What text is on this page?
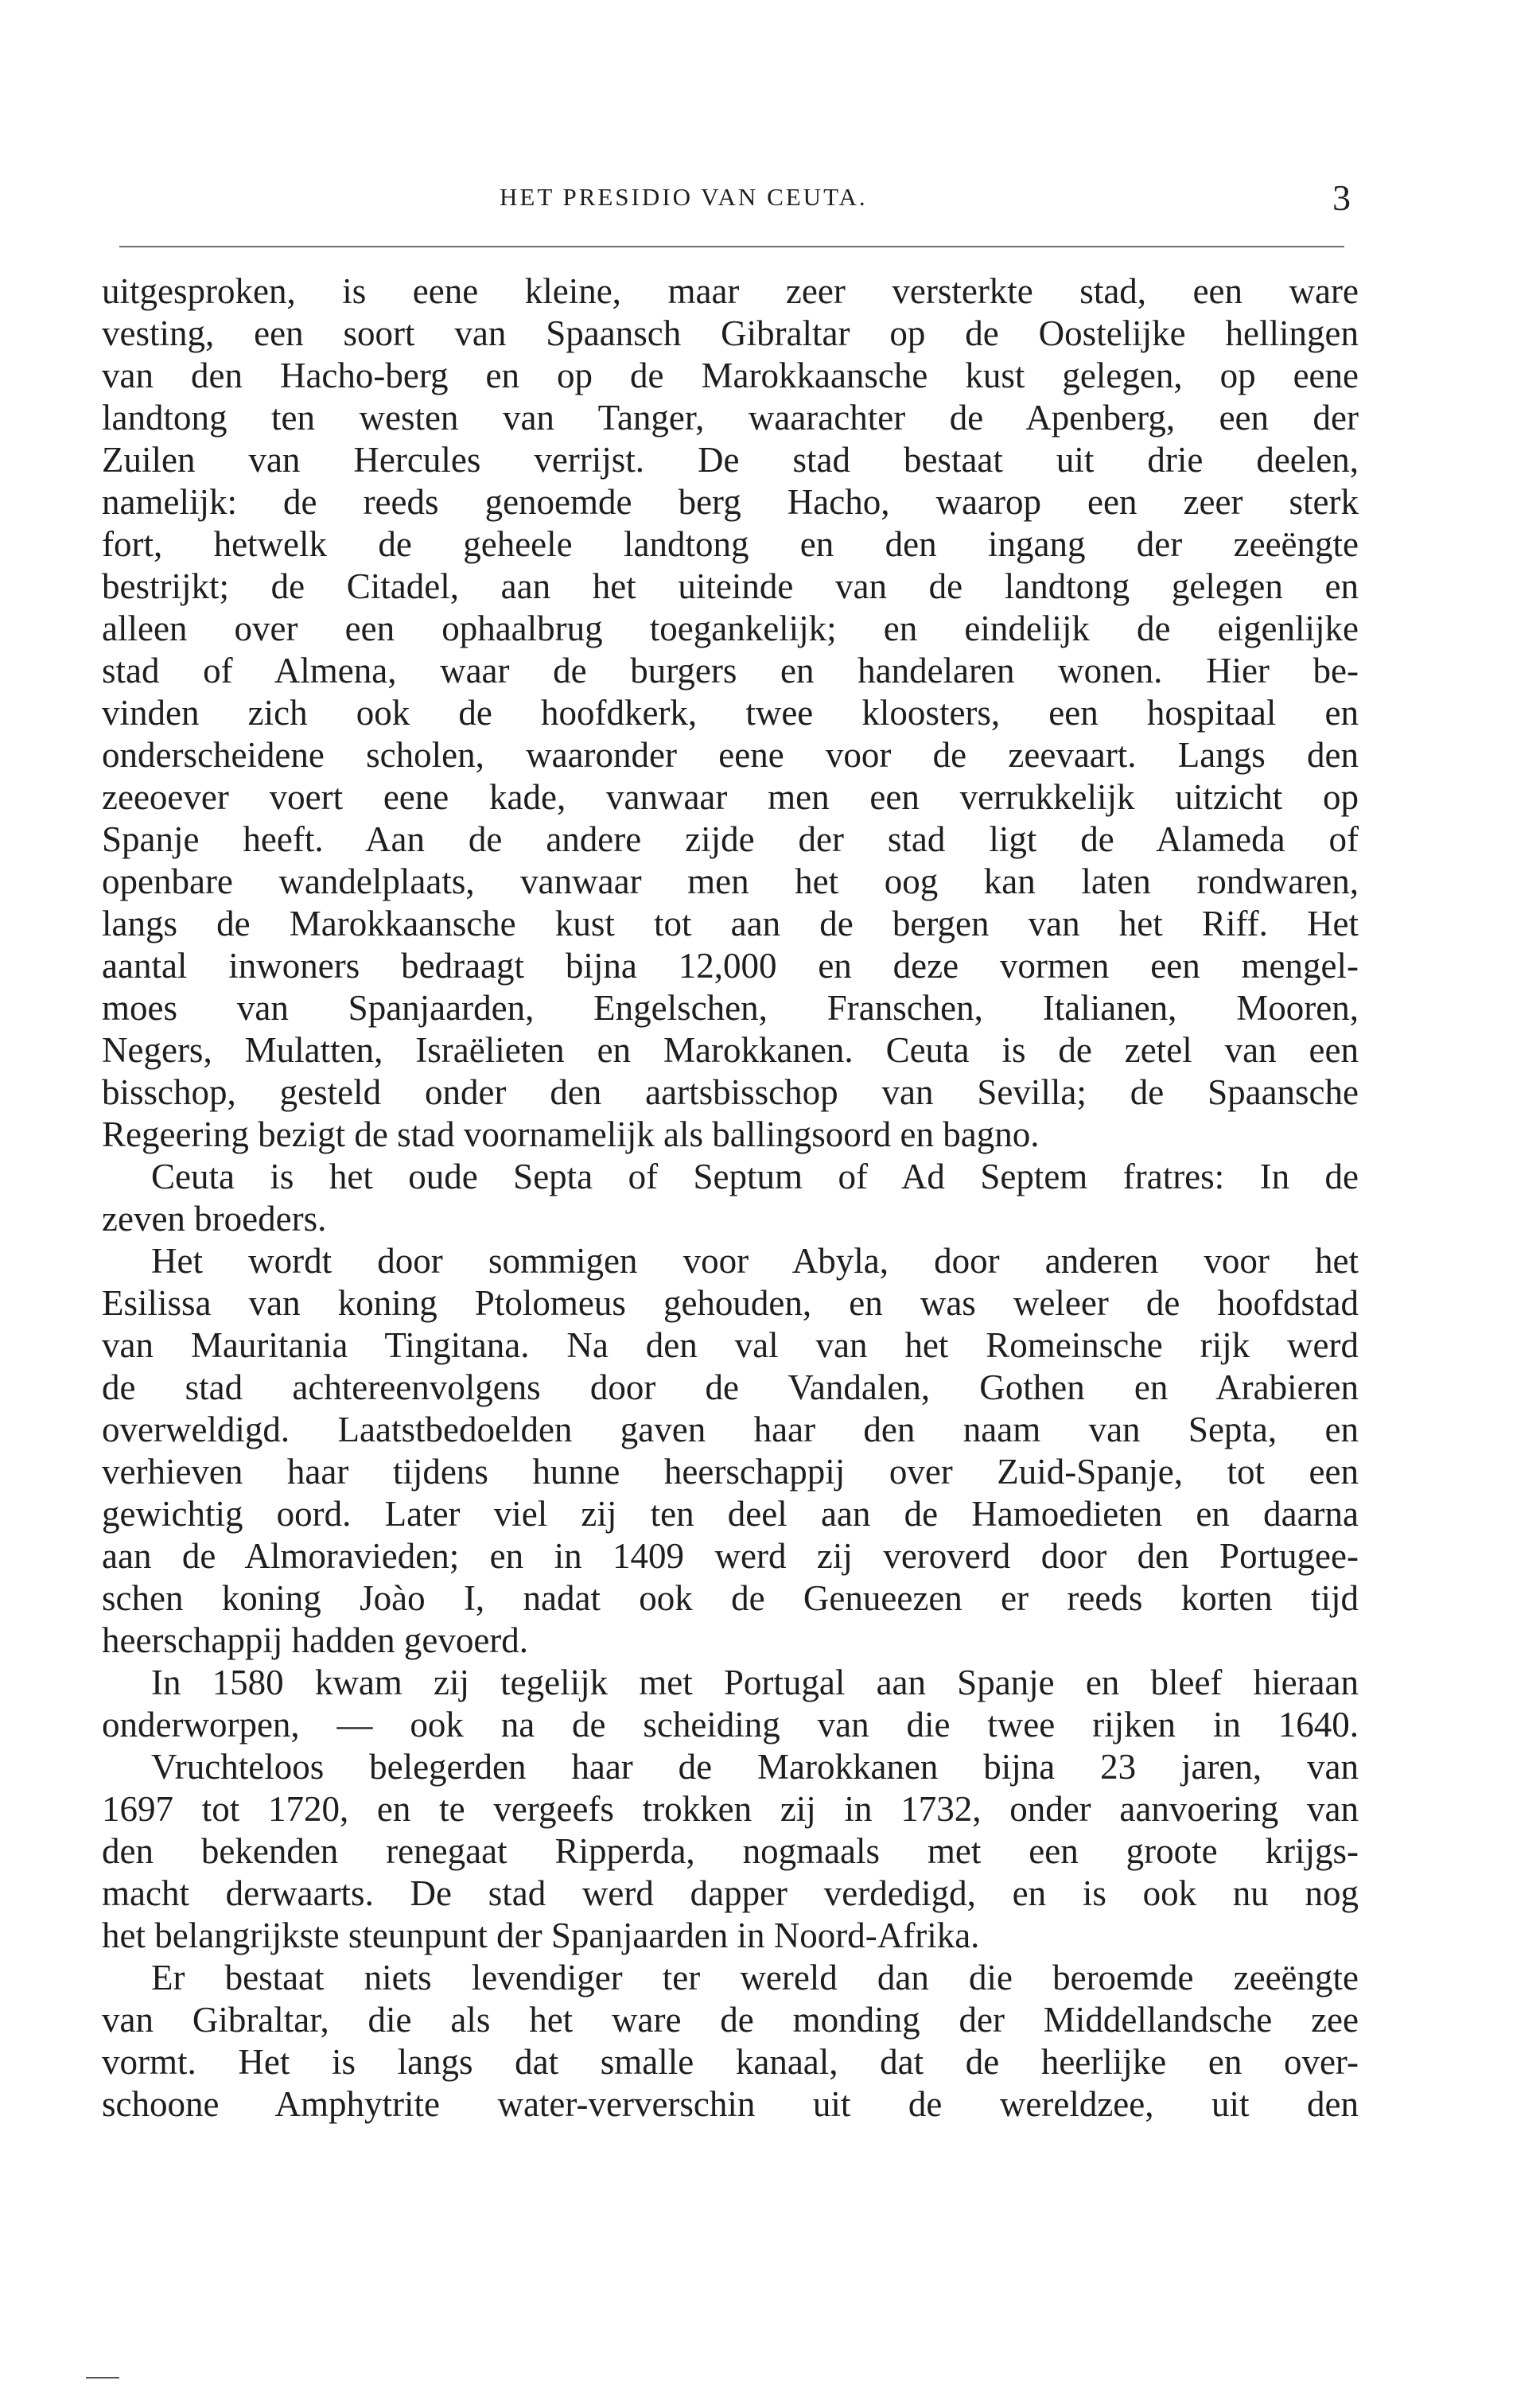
HET PRESIDIO VAN CEUTA.	3
uitgesproken, is eene kleine, maar zeer versterkte stad, een ware
vesting, een soort van Spaansch Gibraltar op de Oostelijke hellingen
van den Hacho-berg en op de Marokkaansche kust gelegen, op eene
landtong ten westen van Tanger, waarachter de Apenberg, een der
Zuilen van Hercules verrijst. De stad bestaat uit drie deelen,
namelijk: de reeds genoemde berg Hacho, waarop een zeer sterk
fort, hetwelk de geheele landtong en den ingang der zeeëngte
bestrijkt; de Citadel, aan het uiteinde van de landtong gelegen en
alleen over een ophaalbrug toegankelijk; en eindelijk de eigenlijke
stad of Almena, waar de burgers en handelaren wonen. Hier be-
vinden zich ook de hoofdkerk, twee kloosters, een hospitaal en
onderscheidene scholen, waaronder eene voor de zeevaart. Langs den
zeeoever voert eene kade, vanwaar men een verrukkelijk uitzicht op
Spanje heeft. Aan de andere zijde der stad ligt de Alameda of
openbare wandelplaats, vanwaar men het oog kan laten rondwaren,
langs de Marokkaansche kust tot aan de bergen van het Riff. Het
aantal inwoners bedraagt bijna 12,000 en deze vormen een mengel-
moes van Spanjaarden, Engelschen, Franschen, Italianen, Mooren,
Negers, Mulatten, Israëlieten en Marokkanen. Ceuta is de zetel van een
bisschop, gesteld onder den aartsbisschop van Sevilla; de Spaansche
Regeering bezigt de stad voornamelijk als ballingsoord en bagno.
Ceuta is het oude Septa of Septum of Ad Septem fratres: In de
zeven broeders.
Het wordt door sommigen voor Abyla, door anderen voor het
Esilissa van koning Ptolomeus gehouden, en was weleer de hoofdstad
van Mauritania Tingitana. Na den val van het Romeinsche rijk werd
de stad achtereenvolgens door de Vandalen, Gothen en Arabieren
overweldigd. Laatstbedoelden gaven haar den naam van Septa, en
verhieven haar tijdens hunne heerschappij over Zuid-Spanje, tot een
gewichtig oord. Later viel zij ten deel aan de Hamoedieten en daarna
aan de Almoravieden; en in 1409 werd zij veroverd door den Portugee-
schen koning Joào I, nadat ook de Genueezen er reeds korten tijd
heerschappij hadden gevoerd.
In 1580 kwam zij tegelijk met Portugal aan Spanje en bleef hieraan
onderworpen, — ook na de scheiding van die twee rijken in 1640.
Vruchteloos belegerden haar de Marokkanen bijna 23 jaren, van
1697 tot 1720, en te vergeefs trokken zij in 1732, onder aanvoering van
den bekenden renegaat Ripperda, nogmaals met een groote krijgs-
macht derwaarts. De stad werd dapper verdedigd, en is ook nu nog
het belangrijkste steunpunt der Spanjaarden in Noord-Afrika.
Er bestaat niets levendiger ter wereld dan die beroemde zeeëngte
van Gibraltar, die als het ware de monding der Middellandsche zee
vormt. Het is langs dat smalle kanaal, dat de heerlijke en over-
schoone Amphytrite water-ververschin uit de wereldzee, uit den
